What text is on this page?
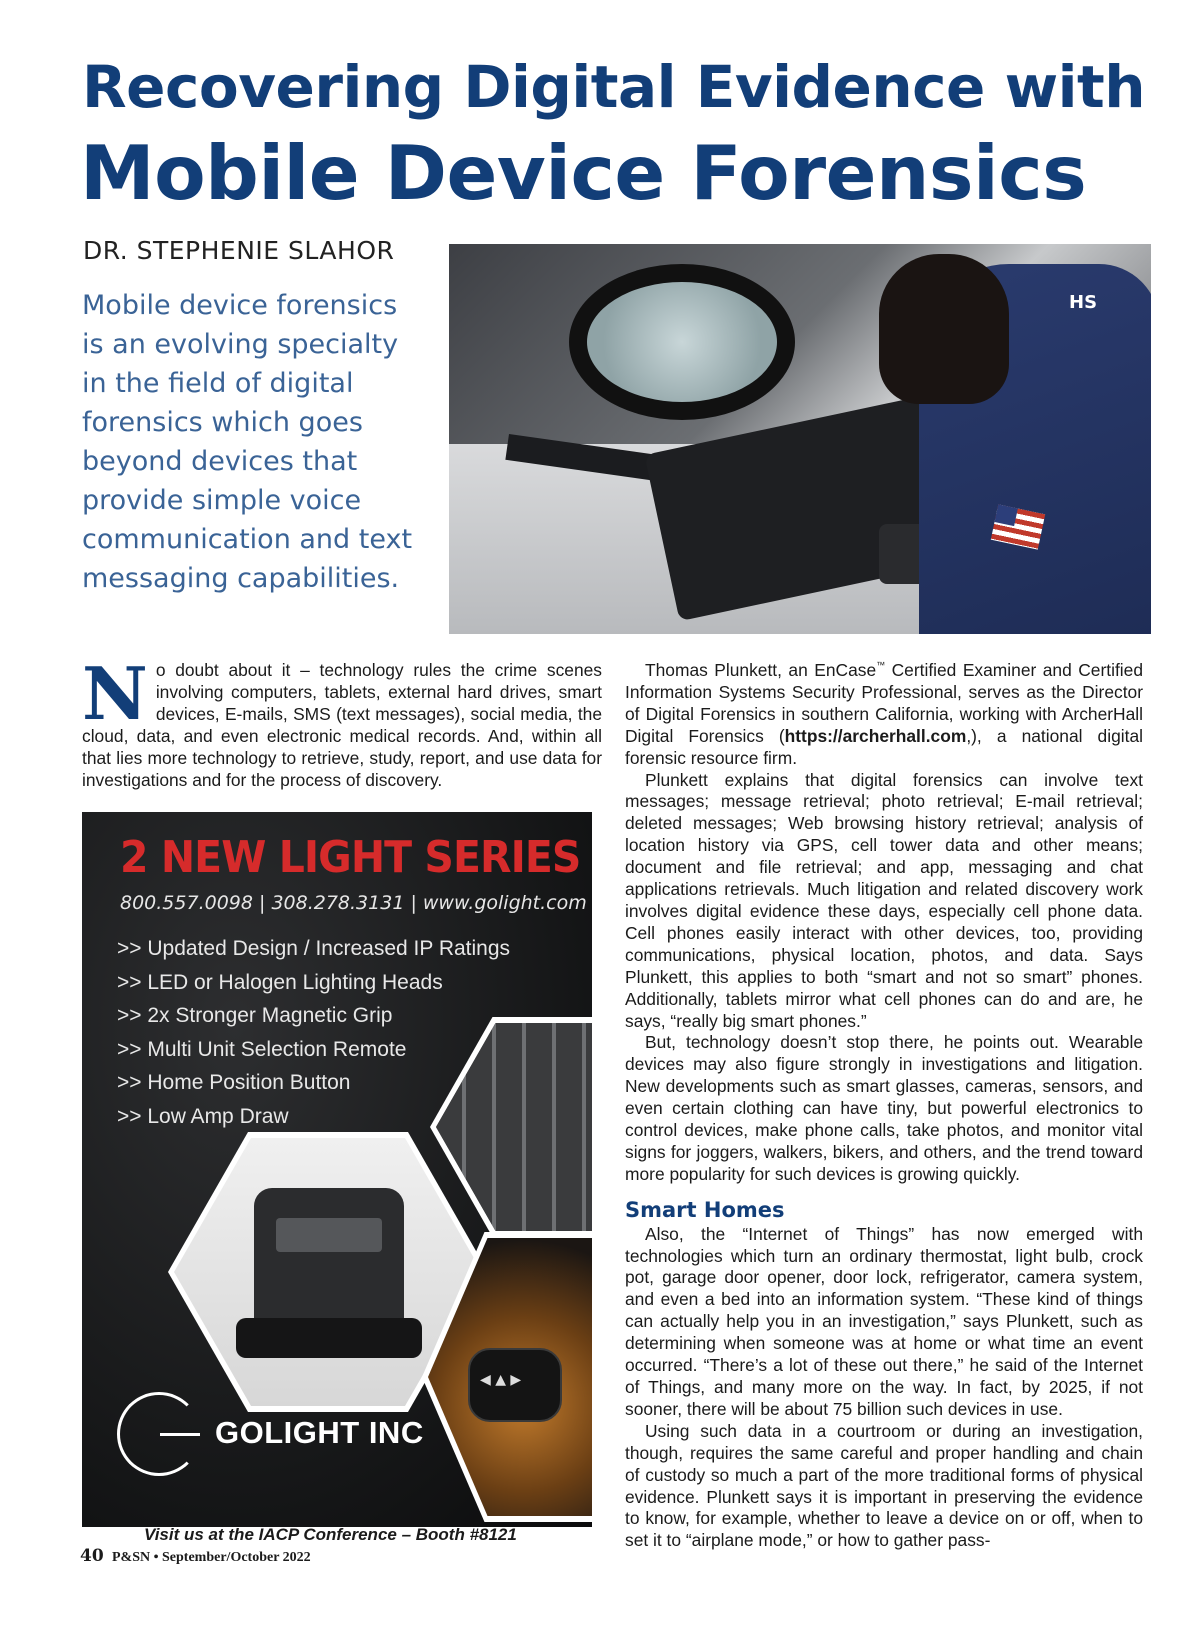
Recovering Digital Evidence with
Mobile Device Forensics
DR. STEPHENIE SLAHOR
Mobile device forensics is an evolving specialty in the field of digital forensics which goes beyond devices that provide simple voice communication and text messaging capabilities.
HS

No doubt about it – technology rules the crime scenes involving computers, tablets, external hard drives, smart devices, E-mails, SMS (text messages), social media, the cloud, data, and even electronic medical records. And, within all that lies more technology to retrieve, study, report, and use data for investigations and for the process of discovery.

2 NEW LIGHT SERIES
800.557.0098 | 308.278.3131 | www.golight.com
>> Updated Design / Increased IP Ratings
>> LED or Halogen Lighting Heads
>> 2x Stronger Magnetic Grip
>> Multi Unit Selection Remote
>> Home Position Button
>> Low Amp Draw
◀ ▲ ▶
GOLIGHT INC
Visit us at the IACP Conference – Booth #8121

Thomas Plunkett, an EnCase™ Certified Examiner and Certified Information Systems Security Professional, serves as the Director of Digital Forensics in southern California, working with ArcherHall Digital Forensics (https://archerhall.com,), a national digital forensic resource firm.

Plunkett explains that digital forensics can involve text messages; message retrieval; photo retrieval; E-mail retrieval; deleted messages; Web browsing history retrieval; analysis of location history via GPS, cell tower data and other means; document and file retrieval; and app, messaging and chat applications retrievals. Much litigation and related discovery work involves digital evidence these days, especially cell phone data. Cell phones easily interact with other devices, too, providing communications, physical location, photos, and data. Says Plunkett, this applies to both “smart and not so smart” phones. Additionally, tablets mirror what cell phones can do and are, he says, “really big smart phones.”

But, technology doesn’t stop there, he points out. Wearable devices may also figure strongly in investigations and litigation. New developments such as smart glasses, cameras, sensors, and even certain clothing can have tiny, but powerful electronics to control devices, make phone calls, take photos, and monitor vital signs for joggers, walkers, bikers, and others, and the trend toward more popularity for such devices is growing quickly.

Smart Homes

Also, the “Internet of Things” has now emerged with technologies which turn an ordinary thermostat, light bulb, crock pot, garage door opener, door lock, refrigerator, camera system, and even a bed into an information system. “These kind of things can actually help you in an investigation,” says Plunkett, such as determining when someone was at home or what time an event occurred. “There’s a lot of these out there,” he said of the Internet of Things, and many more on the way. In fact, by 2025, if not sooner, there will be about 75 billion such devices in use.

Using such data in a courtroom or during an investigation, though, requires the same careful and proper handling and chain of custody so much a part of the more traditional forms of physical evidence. Plunkett says it is important in preserving the evidence to know, for example, whether to leave a device on or off, when to set it to “airplane mode,” or how to gather pass-

40 P&SN • September/October 2022
